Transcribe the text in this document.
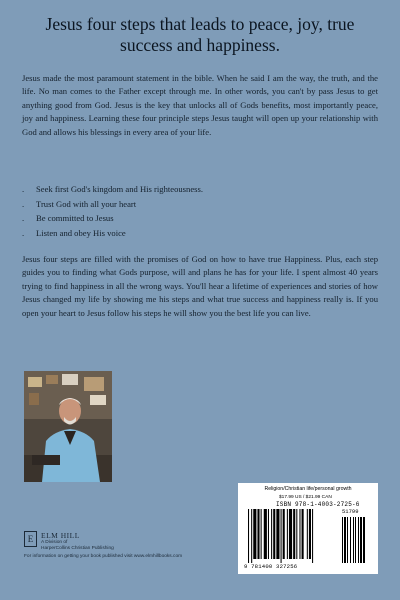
Jesus four steps that leads to peace, joy, true success and happiness.

Jesus made the most paramount statement in the bible. When he said I am the way, the truth, and the life. No man comes to the Father except through me. In other words, you can't by pass Jesus to get anything good from God. Jesus is the key that unlocks all of Gods benefits, most importantly peace, joy and happiness. Learning these four principle steps Jesus taught will open up your relationship with God and allows his blessings in every area of your life.

. Seek first God's kingdom and His righteousness.
. Trust God with all your heart
. Be committed to Jesus
. Listen and obey His voice

Jesus four steps are filled with the promises of God on how to have true Happiness. Plus, each step guides you to finding what Gods purpose, will and plans he has for your life. I spent almost 40 years trying to find happiness in all the wrong ways. You'll hear a lifetime of experiences and stories of how Jesus changed my life by showing me his steps and what true success and happiness really is. If you open your heart to Jesus follow his steps he will show you the best life you can live.

E	ELM HILL
A Division of
HarperCollins Christian Publishing
For information on getting your book published visit www.elmhillbooks.com
Religion/Christian life/personal growth
$17.99 US / $21.99 CAN
ISBN 978-1-4003-2725-6
51799
9 781400 327256
